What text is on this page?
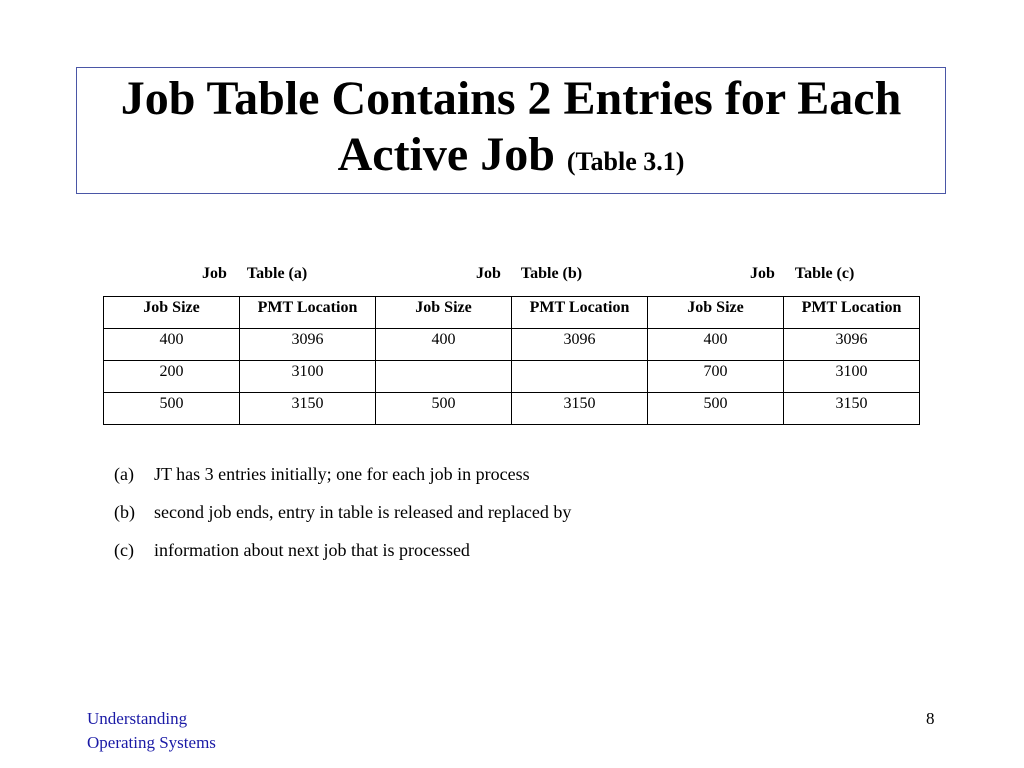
Job Table Contains 2 Entries for Each
Active Job (Table 3.1)
Job Table (a)	Job Table (b)	Job Table (c)
Job Size	PMT Location	Job Size	PMT Location	Job Size	PMT Location
400	3096	400	3096	400	3096
200	3100			700	3100
500	3150	500	3150	500	3150
(a) JT has 3 entries initially; one for each job in process
(b) second job ends, entry in table is released and replaced by
(c) information about next job that is processed
Understanding
Operating Systems
8
